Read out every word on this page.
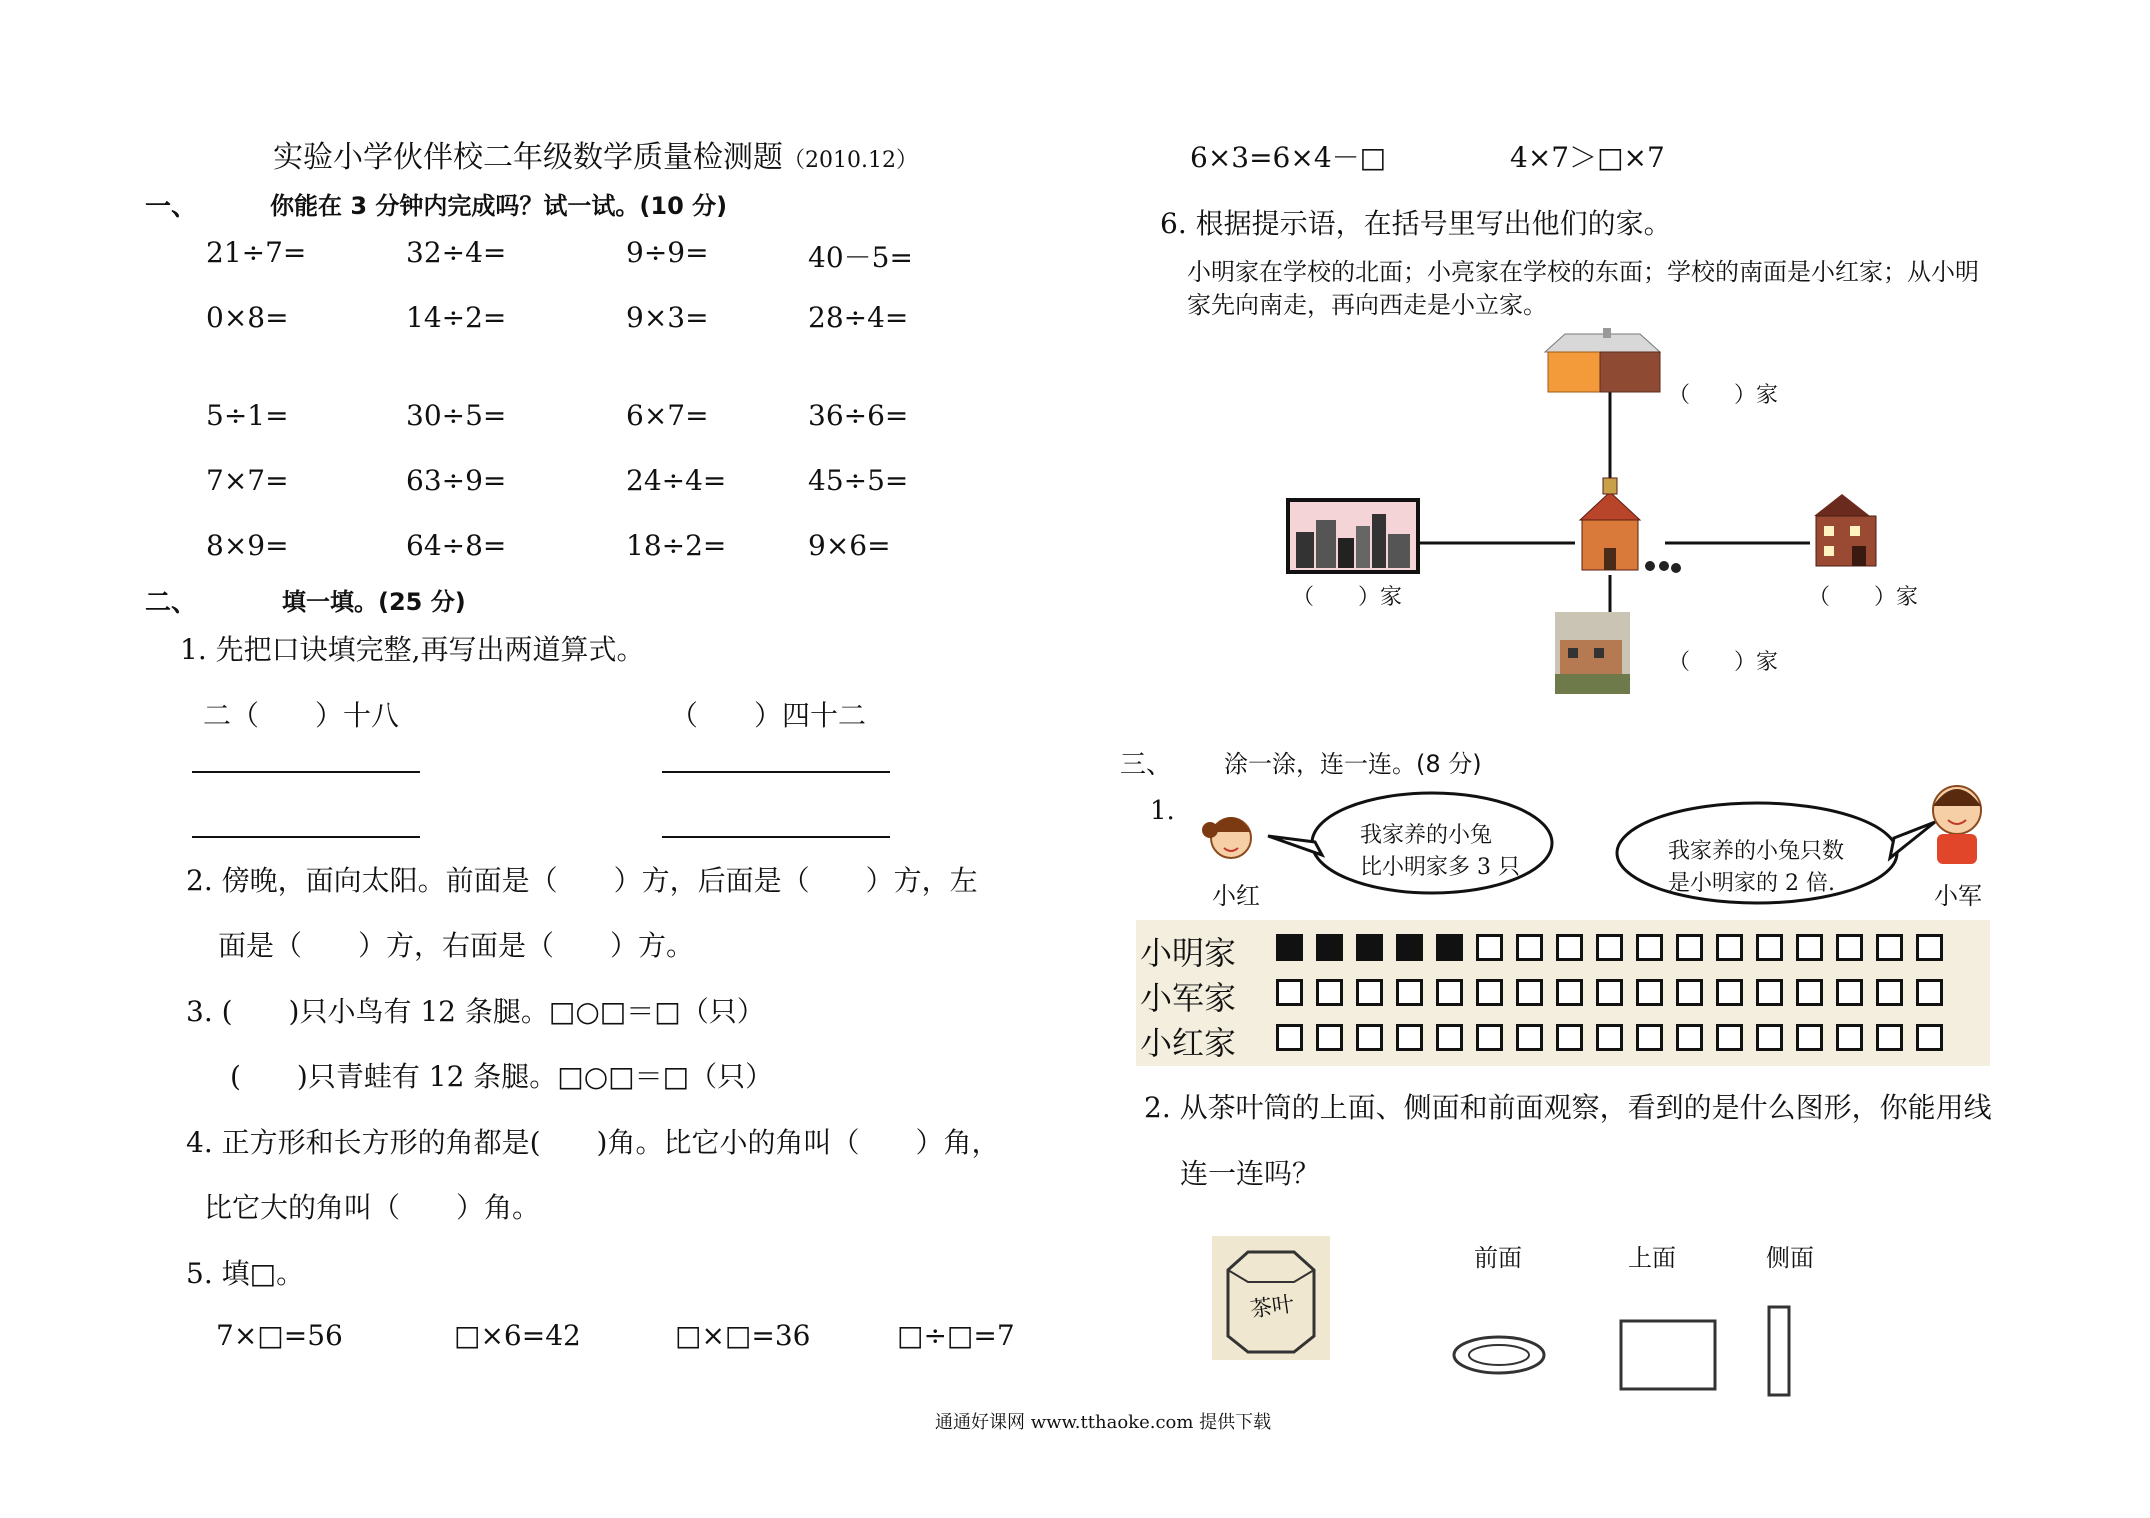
实验小学伙伴校二年级数学质量检测题（2010.12）
一、	你能在 3 分钟内完成吗？试一试。(10 分)
21÷7=	32÷4=	9÷9=	40－5=
0×8=	14÷2=	9×3=	28÷4=
5÷1=	30÷5=	6×7=	36÷6=
7×7=	63÷9=	24÷4=	45÷5=
8×9=	64÷8=	18÷2=	9×6=
二、	填一填。(25 分)
1. 先把口诀填完整,再写出两道算式。
二（　　）十八	（　　）四十二
2. 傍晚，面向太阳。前面是（　　）方，后面是（　　）方，左
面是（　　）方，右面是（　　）方。
3. (　　)只小鸟有 12 条腿。□○□＝□（只）
(　　)只青蛙有 12 条腿。□○□＝□（只）
4. 正方形和长方形的角都是(　　)角。比它小的角叫（　　）角，
比它大的角叫（　　）角。
5. 填□。
7×□=56	□×6=42	□×□=36	□÷□=7
6×3=6×4－□	4×7＞□×7
6. 根据提示语，在括号里写出他们的家。
小明家在学校的北面；小亮家在学校的东面；学校的南面是小红家；从小明
家先向南走，再向西走是小立家。
（　　）家
（　　）家	（　　）家
（　　）家
三、 涂一涂，连一连。(8 分)
1.
我家养的小兔
比小明家多 3 只
我家养的小兔只数
是小明家的 2 倍.
小红	小军
小明家
小军家
小红家
2. 从茶叶筒的上面、侧面和前面观察，看到的是什么图形，你能用线
连一连吗？
茶叶
前面	上面	侧面
通通好课网 www.tthaoke.com 提供下载
